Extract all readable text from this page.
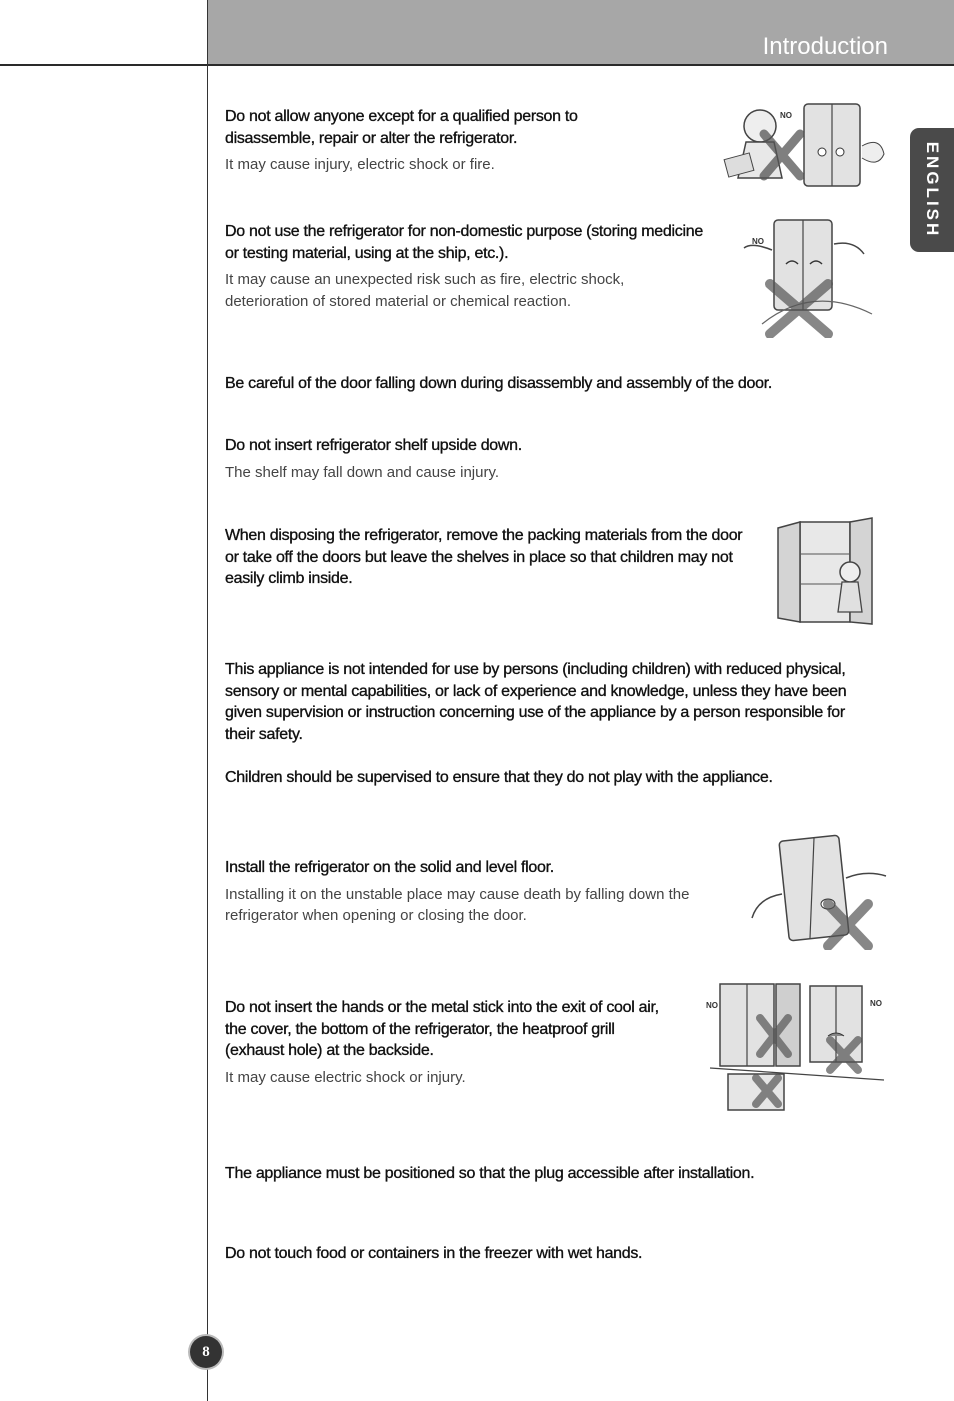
Introduction
ENGLISH

Do not allow anyone except for a qualified person to disassemble, repair or alter the refrigerator.

It may cause injury, electric shock or fire.

NO

Do not use the refrigerator for non-domestic purpose (storing medicine or testing material, using at the ship, etc.).

It may cause an unexpected risk such as fire, electric shock, deterioration of stored material or chemical reaction.

NO

Be careful of the door falling down during disassembly and assembly of the door.

Do not insert refrigerator shelf upside down.

The shelf may fall down and cause injury.

When disposing the refrigerator, remove the packing materials from the door or take off the doors but leave the shelves in place so that children may not easily climb inside.

This appliance is not intended for use by persons (including children) with reduced physical, sensory or mental capabilities, or lack of experience and knowledge, unless they have been given supervision or instruction concerning use of the appliance by a person responsible for their safety.

Children should be supervised to ensure that they do not play with the appliance.

Install the refrigerator on the solid and level floor.

Installing it on the unstable place may cause death by falling down the refrigerator when opening or closing the door.

Do not insert the hands or the metal stick into the exit of cool air, the cover, the bottom of the refrigerator, the heatproof grill (exhaust hole) at the backside.

It may cause electric shock or injury.

NO	NO

The appliance must be positioned so that the plug accessible after installation.

Do not touch food or containers in the freezer with wet hands.

8
